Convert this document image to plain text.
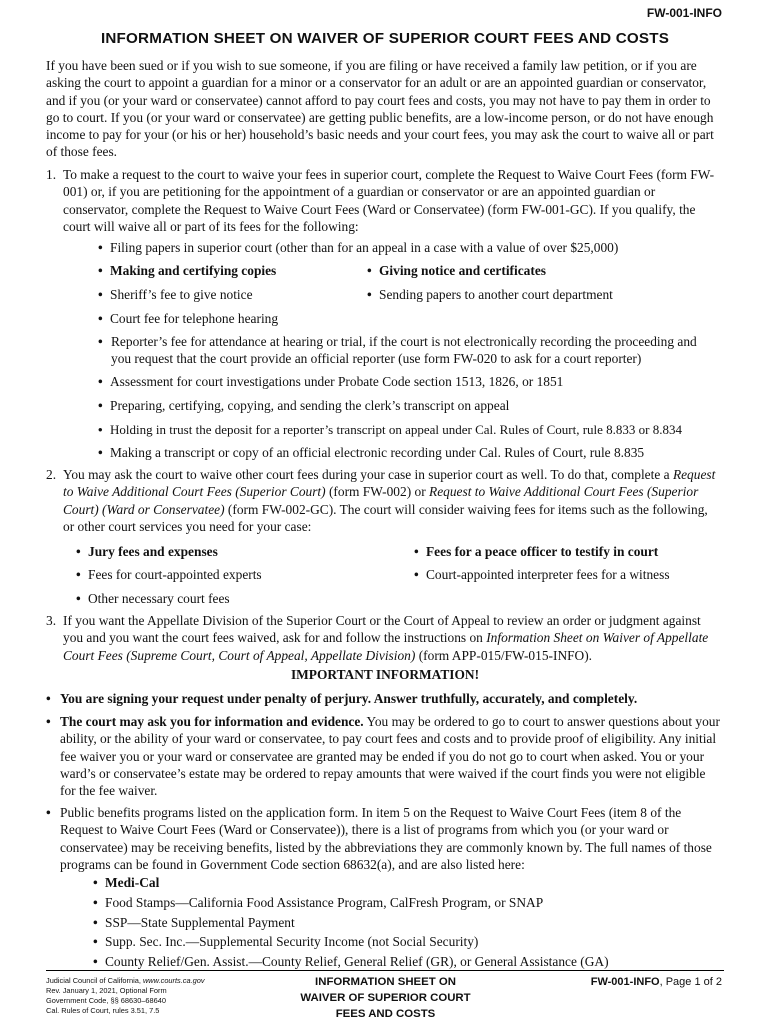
FW-001-INFO
INFORMATION SHEET ON WAIVER OF SUPERIOR COURT FEES AND COSTS

If you have been sued or if you wish to sue someone, if you are filing or have received a family law petition, or if you are asking the court to appoint a guardian for a minor or a conservator for an adult or are an appointed guardian or conservator, and if you (or your ward or conservatee) cannot afford to pay court fees and costs, you may not have to pay them in order to go to court. If you (or your ward or conservatee) are getting public benefits, are a low-income person, or do not have enough income to pay for your (or his or her) household’s basic needs and your court fees, you may ask the court to waive all or part of those fees.

1. To make a request to the court to waive your fees in superior court, complete the Request to Waive Court Fees (form FW-001) or, if you are petitioning for the appointment of a guardian or conservator or are an appointed guardian or conservator, complete the Request to Waive Court Fees (Ward or Conservatee) (form FW-001-GC). If you qualify, the court will waive all or part of its fees for the following:

• Filing papers in superior court (other than for an appeal in a case with a value of over $25,000)
• Making and certifying copies	• Giving notice and certificates
• Sheriff’s fee to give notice	• Sending papers to another court department
• Court fee for telephone hearing
• Reporter’s fee for attendance at hearing or trial, if the court is not electronically recording the proceeding and you request that the court provide an official reporter (use form FW-020 to ask for a court reporter)
• Assessment for court investigations under Probate Code section 1513, 1826, or 1851
• Preparing, certifying, copying, and sending the clerk’s transcript on appeal
• Holding in trust the deposit for a reporter’s transcript on appeal under Cal. Rules of Court, rule 8.833 or 8.834
• Making a transcript or copy of an official electronic recording under Cal. Rules of Court, rule 8.835
2. You may ask the court to waive other court fees during your case in superior court as well. To do that, complete a Request to Waive Additional Court Fees (Superior Court) (form FW-002) or Request to Waive Additional Court Fees (Superior Court) (Ward or Conservatee) (form FW-002-GC). The court will consider waiving fees for items such as the following, or other court services you need for your case:

• Jury fees and expenses	• Fees for a peace officer to testify in court
• Fees for court-appointed experts	• Court-appointed interpreter fees for a witness
• Other necessary court fees
3. If you want the Appellate Division of the Superior Court or the Court of Appeal to review an order or judgment against you and you want the court fees waived, ask for and follow the instructions on Information Sheet on Waiver of Appellate Court Fees (Supreme Court, Court of Appeal, Appellate Division) (form APP-015/FW-015-INFO).

IMPORTANT INFORMATION!
• You are signing your request under penalty of perjury. Answer truthfully, accurately, and completely.
• The court may ask you for information and evidence. You may be ordered to go to court to answer questions about your ability, or the ability of your ward or conservatee, to pay court fees and costs and to provide proof of eligibility. Any initial fee waiver you or your ward or conservatee are granted may be ended if you do not go to court when asked. You or your ward’s or conservatee’s estate may be ordered to repay amounts that were waived if the court finds you were not eligible for the fee waiver.
• Public benefits programs listed on the application form. In item 5 on the Request to Waive Court Fees (item 8 of the Request to Waive Court Fees (Ward or Conservatee)), there is a list of programs from which you (or your ward or conservatee) may be receiving benefits, listed by the abbreviations they are commonly known by. The full names of those programs can be found in Government Code section 68632(a), and are also listed here:
• Medi-Cal
• Food Stamps—California Food Assistance Program, CalFresh Program, or SNAP
• SSP—State Supplemental Payment
• Supp. Sec. Inc.—Supplemental Security Income (not Social Security)
• County Relief/Gen. Assist.—County Relief, General Relief (GR), or General Assistance (GA)
Judicial Council of California, www.courts.ca.gov
Rev. January 1, 2021, Optional Form
Government Code, §§ 68630–68640
Cal. Rules of Court, rules 3.51, 7.5
INFORMATION SHEET ON
WAIVER OF SUPERIOR COURT
FEES AND COSTS
FW-001-INFO, Page 1 of 2
